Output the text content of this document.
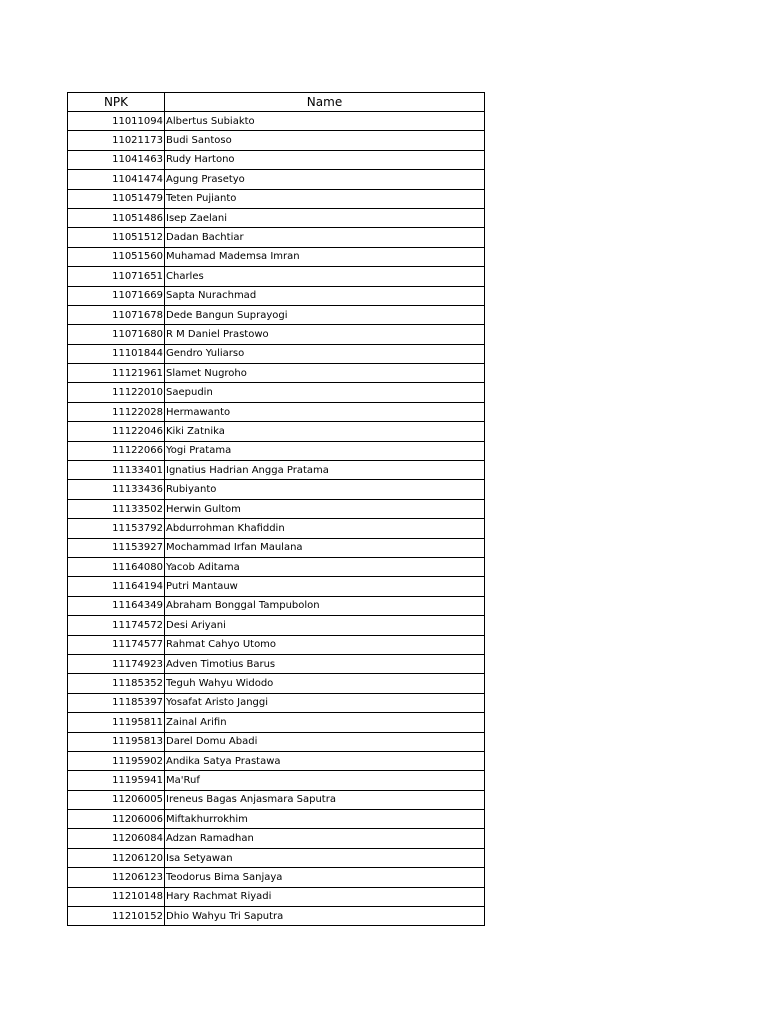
NPK	Name
11011094	Albertus Subiakto
11021173	Budi Santoso
11041463	Rudy Hartono
11041474	Agung Prasetyo
11051479	Teten Pujianto
11051486	Isep Zaelani
11051512	Dadan Bachtiar
11051560	Muhamad Mademsa Imran
11071651	Charles
11071669	Sapta Nurachmad
11071678	Dede Bangun Suprayogi
11071680	R M Daniel Prastowo
11101844	Gendro Yuliarso
11121961	Slamet Nugroho
11122010	Saepudin
11122028	Hermawanto
11122046	Kiki Zatnika
11122066	Yogi Pratama
11133401	Ignatius Hadrian Angga Pratama
11133436	Rubiyanto
11133502	Herwin Gultom
11153792	Abdurrohman Khafiddin
11153927	Mochammad Irfan Maulana
11164080	Yacob Aditama
11164194	Putri Mantauw
11164349	Abraham Bonggal Tampubolon
11174572	Desi Ariyani
11174577	Rahmat Cahyo Utomo
11174923	Adven Timotius Barus
11185352	Teguh Wahyu Widodo
11185397	Yosafat Aristo Janggi
11195811	Zainal Arifin
11195813	Darel Domu Abadi
11195902	Andika Satya Prastawa
11195941	Ma'Ruf
11206005	Ireneus Bagas Anjasmara Saputra
11206006	Miftakhurrokhim
11206084	Adzan Ramadhan
11206120	Isa Setyawan
11206123	Teodorus Bima Sanjaya
11210148	Hary Rachmat Riyadi
11210152	Dhio Wahyu Tri Saputra
